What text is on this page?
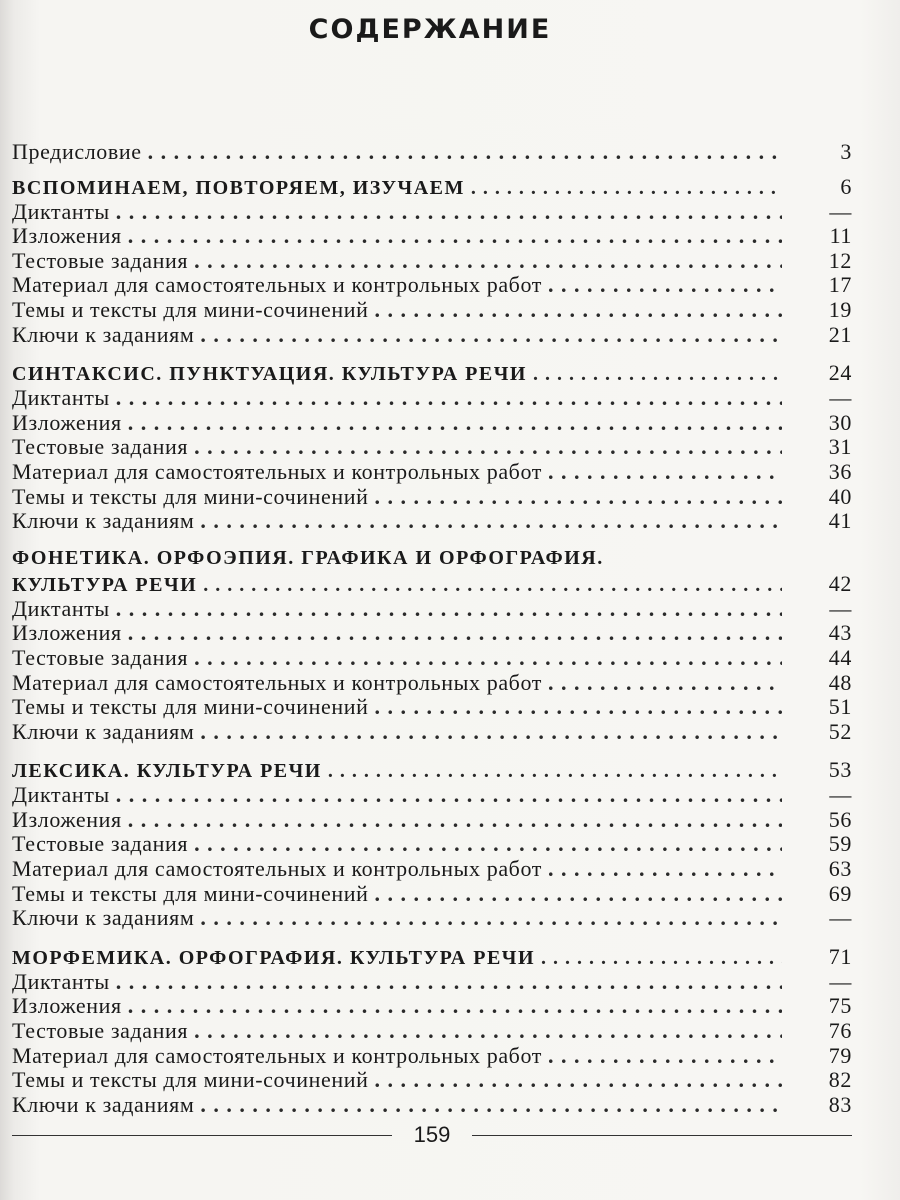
СОДЕРЖАНИЕ
Предисловие . . .	3
ВСПОМИНАЕМ, ПОВТОРЯЕМ, ИЗУЧАЕМ . . .	6
Диктанты . . .	—
Изложения . . .	11
Тестовые задания . . .	12
Материал для самостоятельных и контрольных работ . . .	17
Темы и тексты для мини-сочинений . . .	19
Ключи к заданиям . . .	21
СИНТАКСИС. ПУНКТУАЦИЯ. КУЛЬТУРА РЕЧИ . . .	24
Диктанты . . .	—
Изложения . . .	30
Тестовые задания . . .	31
Материал для самостоятельных и контрольных работ . . .	36
Темы и тексты для мини-сочинений . . .	40
Ключи к заданиям . . .	41
ФОНЕТИКА. ОРФОЭПИЯ. ГРАФИКА И ОРФОГРАФИЯ.
КУЛЬТУРА РЕЧИ . . .	42
Диктанты . . .	—
Изложения . . .	43
Тестовые задания . . .	44
Материал для самостоятельных и контрольных работ . . .	48
Темы и тексты для мини-сочинений . . .	51
Ключи к заданиям . . .	52
ЛЕКСИКА. КУЛЬТУРА РЕЧИ . . .	53
Диктанты . . .	—
Изложения . . .	56
Тестовые задания . . .	59
Материал для самостоятельных и контрольных работ . . .	63
Темы и тексты для мини-сочинений . . .	69
Ключи к заданиям . . .	—
МОРФЕМИКА. ОРФОГРАФИЯ. КУЛЬТУРА РЕЧИ . . .	71
Диктанты . . .	—
Изложения . . .	75
Тестовые задания . . .	76
Материал для самостоятельных и контрольных работ . . .	79
Темы и тексты для мини-сочинений . . .	82
Ключи к заданиям . . .	83
159
